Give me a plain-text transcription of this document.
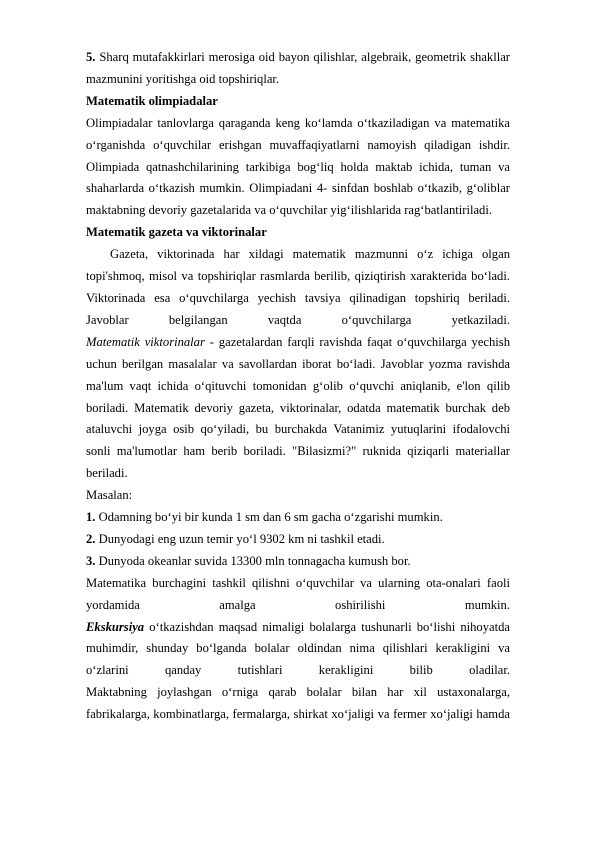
5. Sharq mutafakkirlari merosiga oid bayon qilishlar, algebraik, geometrik shakllar mazmunini yoritishga oid topshiriqlar.

Matematik olimpiadalar

Olimpiadalar tanlovlarga qaraganda keng ko‘lamda o‘tkaziladigan va matematika o‘rganishda o‘quvchilar erishgan muvaffaqiyatlarni namoyish qiladigan ishdir. Olimpiada qatnashchilarining tarkibiga bog‘liq holda maktab ichida, tuman va shaharlarda o‘tkazish mumkin. Olimpiadani 4- sinfdan boshlab o‘tkazib, g‘oliblar maktabning devoriy gazetalarida va o‘quvchilar yig‘ilishlarida rag‘batlantiriladi.

Matematik gazeta va viktorinalar

Gazeta, viktorinada har xildagi matematik mazmunni o‘z ichiga olgan topi'shmoq, misol va topshiriqlar rasmlarda berilib, qiziqtirish xarakterida bo‘ladi. Viktorinada esa o‘quvchilarga yechish tavsiya qilinadigan topshiriq beriladi. Javoblar belgilangan vaqtda o‘quvchilarga yetkaziladi.

Matematik viktorinalar - gazetalardan farqli ravishda faqat o‘quvchilarga yechish uchun berilgan masalalar va savollardan iborat bo‘ladi. Javoblar yozma ravishda ma'lum vaqt ichida o‘qituvchi tomonidan g‘olib o‘quvchi aniqlanib, e'lon qilib boriladi. Matematik devoriy gazeta, viktorinalar, odatda matematik burchak deb ataluvchi joyga osib qo‘yiladi, bu burchakda Vatanimiz yutuqlarini ifodalovchi sonli ma'lumotlar ham berib boriladi. "Bilasizmi?" ruknida qiziqarli materiallar beriladi.

Masalan:

1. Odamning bo‘yi bir kunda 1 sm dan 6 sm gacha o‘zgarishi mumkin.

2. Dunyodagi eng uzun temir yo‘l 9302 km ni tashkil etadi.

3. Dunyoda okeanlar suvida 13300 mln tonnagacha kumush bor.

Matematika burchagini tashkil qilishni o‘quvchilar va ularning ota-onalari faoli yordamida amalga oshirilishi mumkin.

Ekskursiya o‘tkazishdan maqsad nimaligi bolalarga tushunarli bo‘lishi nihoyatda muhimdir, shunday bo‘lganda bolalar oldindan nima qilishlari kerakligini va o‘zlarini qanday tutishlari kerakligini bilib oladilar.

Maktabning joylashgan o‘rniga qarab bolalar bilan har xil ustaxonalarga, fabrikalarga, kombinatlarga, fermalarga, shirkat xo‘jaligi va fermer xo‘jaligi hamda
